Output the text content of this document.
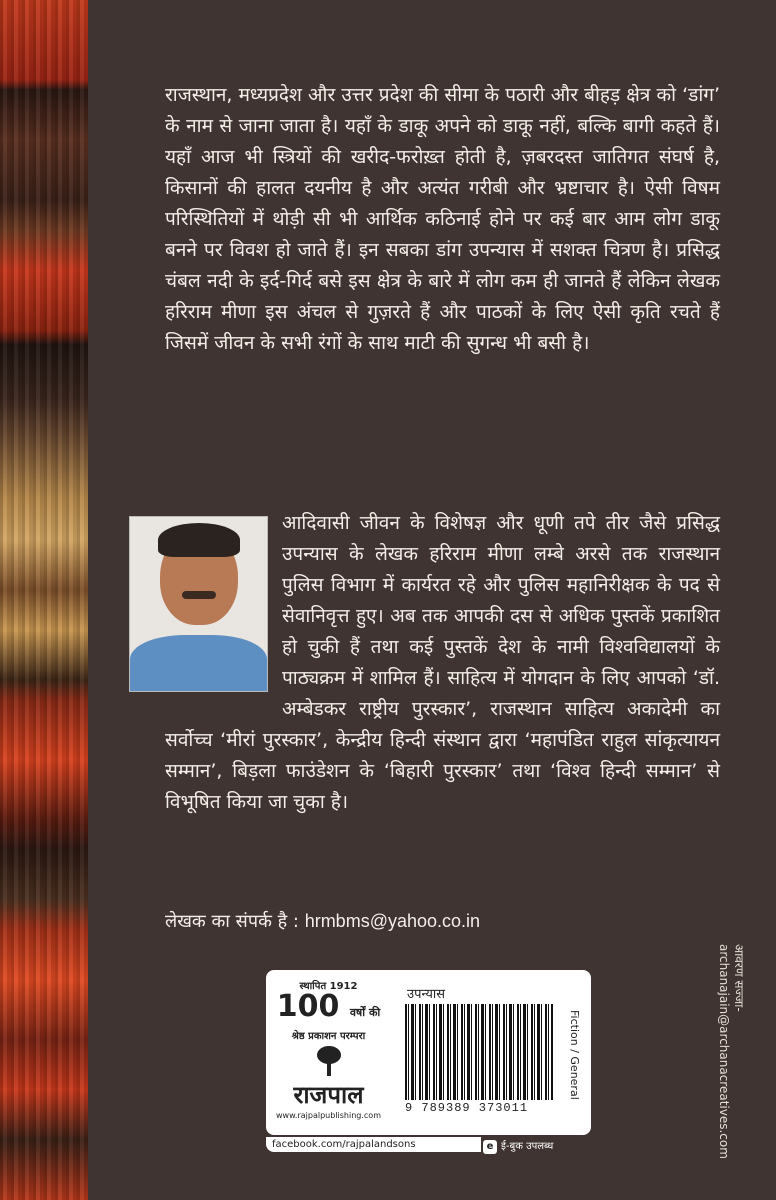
राजस्थान, मध्यप्रदेश और उत्तर प्रदेश की सीमा के पठारी और बीहड़ क्षेत्र को ‘डांग’ के नाम से जाना जाता है। यहाँ के डाकू अपने को डाकू नहीं, बल्कि बागी कहते हैं। यहाँ आज भी स्त्रियों की खरीद-फरोख़्त होती है, ज़बरदस्त जातिगत संघर्ष है, किसानों की हालत दयनीय है और अत्यंत गरीबी और भ्रष्टाचार है। ऐसी विषम परिस्थितियों में थोड़ी सी भी आर्थिक कठिनाई होने पर कई बार आम लोग डाकू बनने पर विवश हो जाते हैं। इन सबका डांग उपन्यास में सशक्त चित्रण है। प्रसिद्ध चंबल नदी के इर्द-गिर्द बसे इस क्षेत्र के बारे में लोग कम ही जानते हैं लेकिन लेखक हरिराम मीणा इस अंचल से गुज़रते हैं और पाठकों के लिए ऐसी कृति रचते हैं जिसमें जीवन के सभी रंगों के साथ माटी की सुगन्ध भी बसी है।
आदिवासी जीवन के विशेषज्ञ और धूणी तपे तीर जैसे प्रसिद्ध उपन्यास के लेखक हरिराम मीणा लम्बे अरसे तक राजस्थान पुलिस विभाग में कार्यरत रहे और पुलिस महानिरीक्षक के पद से सेवानिवृत्त हुए। अब तक आपकी दस से अधिक पुस्तकें प्रकाशित हो चुकी हैं तथा कई पुस्तकें देश के नामी विश्वविद्यालयों के पाठ्यक्रम में शामिल हैं। साहित्य में योगदान के लिए आपको ‘डॉ. अम्बेडकर राष्ट्रीय पुरस्कार’, राजस्थान साहित्य अकादेमी का सर्वोच्च ‘मीरां पुरस्कार’, केन्द्रीय हिन्दी संस्थान द्वारा ‘महापंडित राहुल सांकृत्यायन सम्मान’, बिड़ला फाउंडेशन के ‘बिहारी पुरस्कार’ तथा ‘विश्व हिन्दी सम्मान’ से विभूषित किया जा चुका है।
लेखक का संपर्क है : hrmbms@yahoo.co.in
आवरण सज्जा-
archanajain@archanacreatives.com
स्थापित 1912
100 वर्षों की
श्रेष्ठ प्रकाशन परम्परा
राजपाल
www.rajpalpublishing.com
facebook.com/rajpalandsons
उपन्यास
9 789389 373011
Fiction / General
e ई-बुक उपलब्ध
